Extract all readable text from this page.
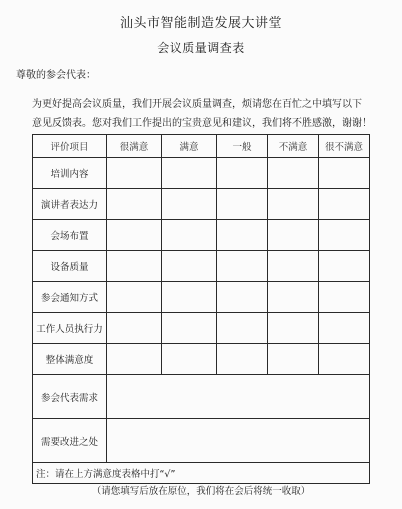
汕头市智能制造发展大讲堂
会议质量调查表
尊敬的参会代表：
为更好提高会议质量，我们开展会议质量调查，烦请您在百忙之中填写以下
意见反馈表。您对我们工作提出的宝贵意见和建议，我们将不胜感激，谢谢！
评价项目	很满意	满意	一般	不满意	很不满意
培训内容					
演讲者表达力					
会场布置					
设备质量					
参会通知方式					
工作人员执行力					
整体满意度					
参会代表需求					
需要改进之处					
注：请在上方满意度表格中打“√”					
（请您填写后放在原位，我们将在会后将统一收取）
